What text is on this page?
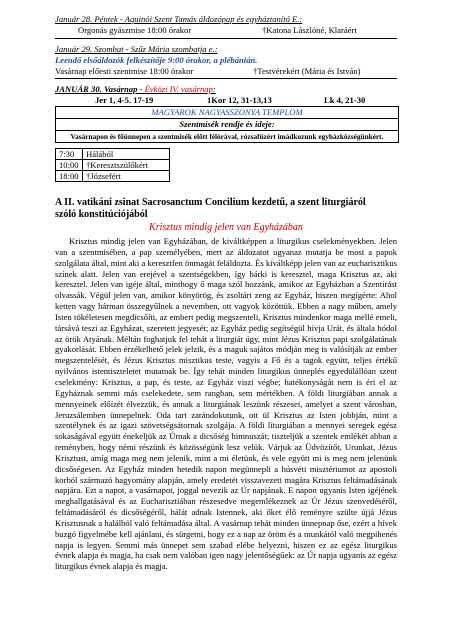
Január 28. Péntek - Aquinói Szent Tamás áldozópap és egyháztanító E.:
Orgonás gyászmise 18:00 órakor	†Katona Lászlóné, Klaráért
Január 29. Szombat - Szűz Mária szombatja e.:
Leendő elsőáldozók felkészítője 9:00 órakor, a plébánián.
Vasárnap előesti szentmise 18:00 órakor	†Testvérekért (Mária és István)
JANUÁR 30. Vasárnap - Évközi IV. vasárnap:
Jer 1, 4-5. 17-19	1Kor 12, 31-13,13	Lk 4, 21-30
MAGYAROK NAGYASSZONYA TEMPLOM
Szentmisék rendje és ideje:
Vasárnapon és főünnepen a szentmisék előtt félórával, rózsafüzért imádkozunk egyházközségünkért.
7:30	Hálából
10:00	†Keresztszülőkért
18:00	†Józsefért
A II. vatikáni zsinat Sacrosanctum Concilium kezdetű, a szent liturgiáról
szóló konstitúciójából
Krisztus mindig jelen van Egyházában
Krisztus mindig jelen van Egyházában, de kiváltképpen a liturgikus cselekményekben. Jelen van a szentmisében, a pap személyében, mert az áldozatot ugyanaz mutatja be most a papok szolgálata által, mint aki a keresztfen önmagát feláldozta. És kiváltképp jelen van az eucharisztikus színek alatt. Jelen van erejével a szentségekben, így bárki is keresztel, maga Krisztus az, aki keresztel. Jelen van igéje által, minthogy ő maga szól hozzánk, amikor az Egyházban a Szentírást olvassák. Végül jelen van, amikor könyörög, és zsoltárt zeng az Egyház, hiszen megígérte: Ahol ketten vagy hárman összegyűlnek a nevemben, ott vagyok közöttük. Ebben a nagy műben, amely Isten tökéletesen megdicsőíti, az embert pedig megszenteli, Krisztus mindenkor maga mellé emeli, társává teszi az Egyházat, szeretett jegyesét; az Egyház pedig segítségül hívja Urát, és általa hódol az örök Atyának. Méltán foghatjuk fel tehát a liturgiát úgy, mint Jézus Krisztus papi szolgálatának gyakorlását. Ebben érzékelhető jelek jelzik, és a maguk sajátos módján meg is valósítják az ember megszentelését, és Jézus Krisztus misztikus teste, vagyis a Fő és a tagok együtt, teljes értékű nyilvános istentiszteletet mutatnak be. Így tehát minden liturgikus ünneplés egyedülállóan szent cselekmény: Krisztus, a pap, és teste, az Egyház viszi végbe; hatékonyságát nem is éri el az Egyháznak semmi más cselekedete, sem rangban, sem mértékben. A földi liturgiában annak a mennyeinek előízét élvezzük, és annak a liturgiának leszünk részesei, amelyet a szent városban, Jeruzsálemben ünnepelnek. Oda tart zarándokutunk, ott ül Krisztus az Isten jobbján, mint a szentélynek és az igazi szövetségsátornak szolgája. A földi liturgiában a mennyei seregek egész sokaságával együtt énekeljük az Úrnak a dicsőség himnuszát; tiszteljük a szentek emlékét abban a reményben, hogy némi részünk és közösségünk lesz velük. Várjuk az Üdvözítőt, Urunkat, Jézus Krisztust, amíg maga meg nem jelenik, mint a mi életünk, és vele együtt mi is meg nem jelenünk dicsőségesen. Az Egyház minden hetedik napon megünnepli a húsvéti misztériumot az apostoli korból származó hagyomány alapján, amely eredetét visszavezeti magára Krisztus feltámadásának napjára. Ezt a napot, a vasárnapot, joggal nevezik az Úr napjának. E napon ugyanis Isten igéjének meghallgatásával és az Eucharisztiában részesedve megemlékeznek az Úr Jézus szenvedéséről, feltámadásáról és dicsőségéről, hálát adnak Istennek, aki őket élő reményre szülte újjá Jézus Krisztusnak a halálból való feltámadása által. A vasárnap tehát minden ünnepnap őse, ezért a hívek buzgó figyelmébe kell ajánlani, és sürgetni, hogy ez a nap az öröm és a munkától való megpihenés napja is legyen. Semmi más ünnepet sem szabad elébe helyezni, hiszen ez az egész liturgikus évnek alapja és magja, ha csak nem valóban igen nagy jelentőségűek: az Úr napja ugyanis az egész liturgikus évnek alapja és magja.
